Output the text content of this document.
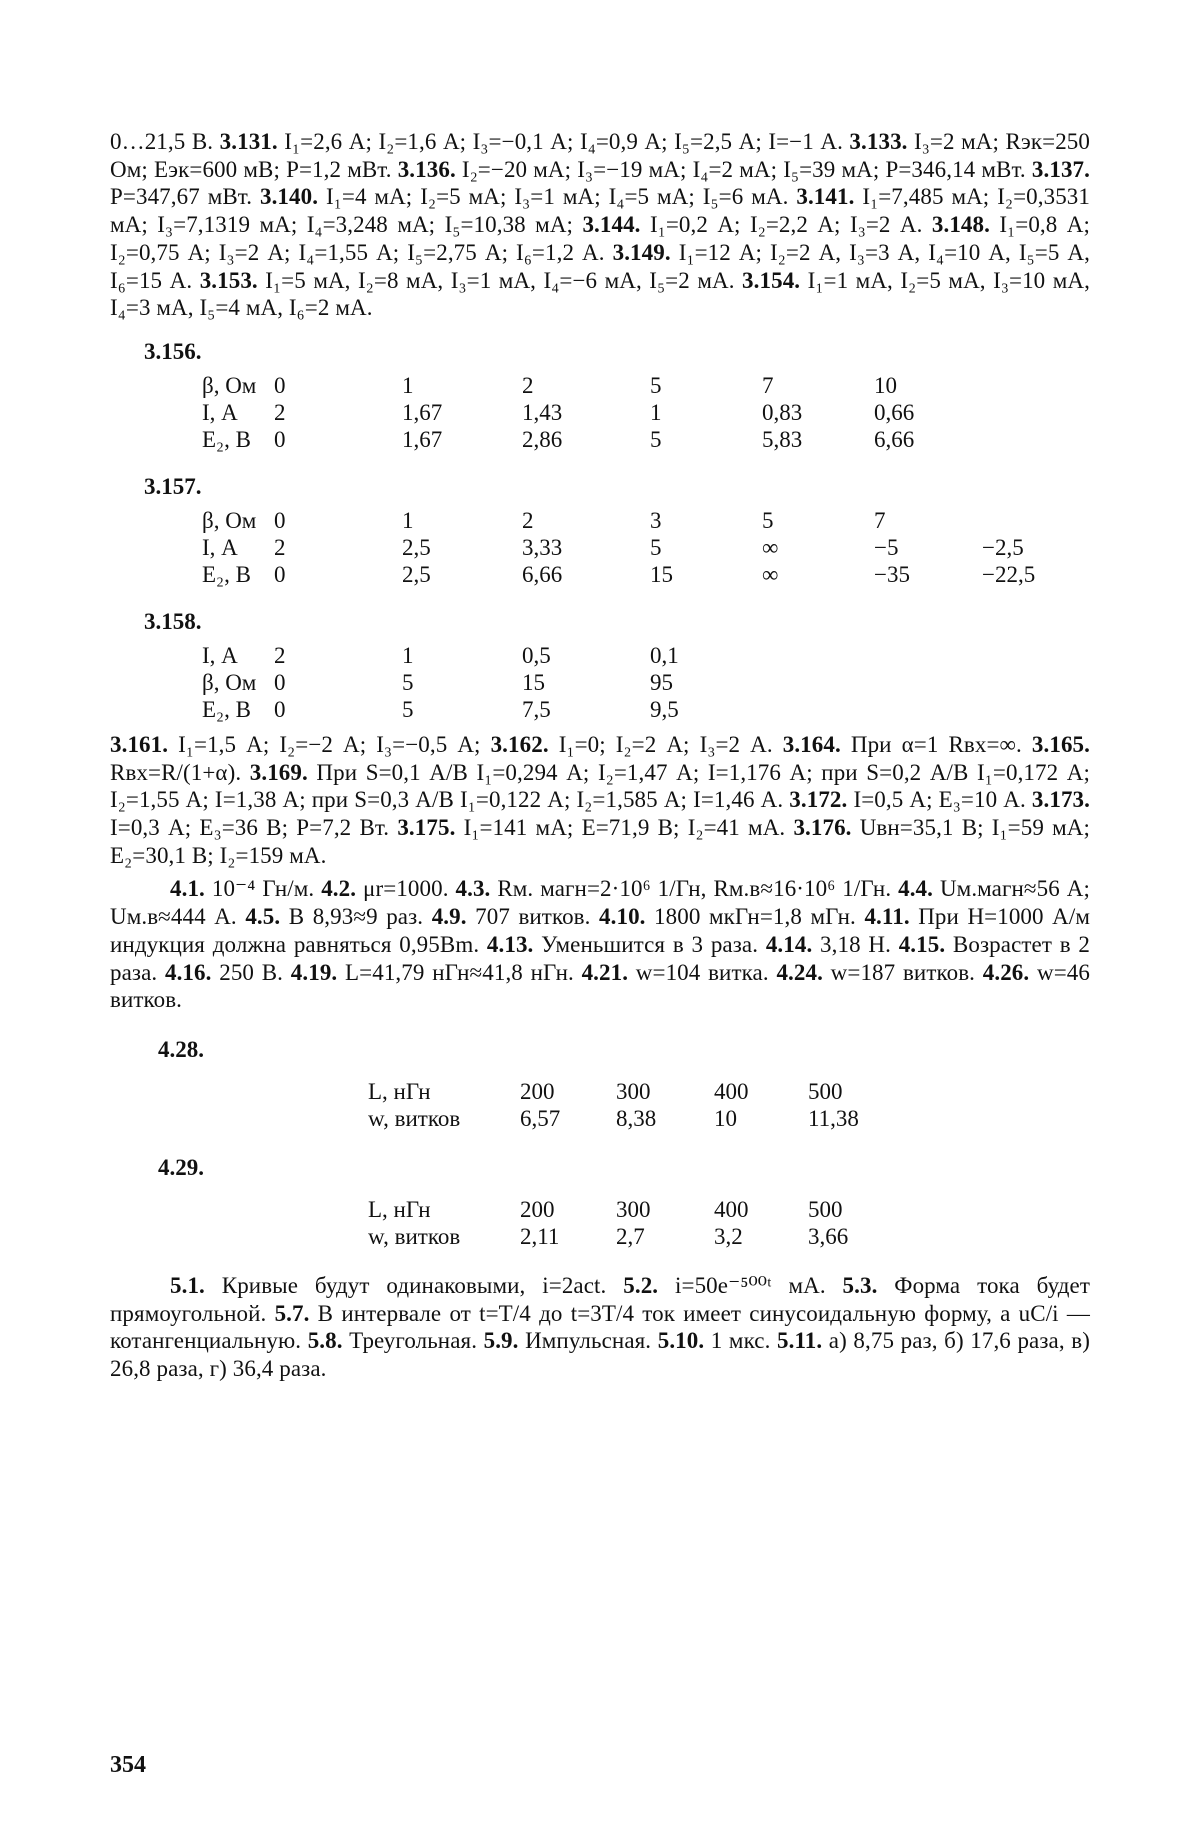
0…21,5 В. 3.131. I₁=2,6 А; I₂=1,6 А; I₃=−0,1 А; I₄=0,9 А; I₅=2,5 А; I=−1 А. 3.133. I₃=2 мА; Rэк=250 Ом; Eэк=600 мВ; P=1,2 мВт. 3.136. I₂=−20 мА; I₃=−19 мА; I₄=2 мА; I₅=39 мА; P=346,14 мВт. 3.137. P=347,67 мВт. 3.140. I₁=4 мА; I₂=5 мА; I₃=1 мА; I₄=5 мА; I₅=6 мА. 3.141. I₁=7,485 мА; I₂=0,3531 мА; I₃=7,1319 мА; I₄=3,248 мА; I₅=10,38 мА; 3.144. I₁=0,2 А; I₂=2,2 А; I₃=2 А. 3.148. I₁=0,8 А; I₂=0,75 А; I₃=2 А; I₄=1,55 А; I₅=2,75 А; I₆=1,2 А. 3.149. I₁=12 А; I₂=2 А, I₃=3 А, I₄=10 А, I₅=5 А, I₆=15 А. 3.153. I₁=5 мА, I₂=8 мА, I₃=1 мА, I₄=−6 мА, I₅=2 мА. 3.154. I₁=1 мА, I₂=5 мА, I₃=10 мА, I₄=3 мА, I₅=4 мА, I₆=2 мА.

3.156.

β, Ом	0	1	2	5	7	10
I, А	2	1,67	1,43	1	0,83	0,66
E₂, В	0	1,67	2,86	5	5,83	6,66

3.157.

β, Ом	0	1	2	3	5	7	
I, А	2	2,5	3,33	5	∞	−5	−2,5
E₂, В	0	2,5	6,66	15	∞	−35	−22,5

3.158.

I, А	2	1	0,5	0,1
β, Ом	0	5	15	95
E₂, В	0	5	7,5	9,5

3.161. I₁=1,5 А; I₂=−2 А; I₃=−0,5 А; 3.162. I₁=0; I₂=2 А; I₃=2 А. 3.164. При α=1 Rвх=∞. 3.165. Rвх=R/(1+α). 3.169. При S=0,1 А/В I₁=0,294 А; I₂=1,47 А; I=1,176 А; при S=0,2 А/В I₁=0,172 А; I₂=1,55 А; I=1,38 А; при S=0,3 А/В I₁=0,122 А; I₂=1,585 А; I=1,46 А. 3.172. I=0,5 А; E₃=10 А. 3.173. I=0,3 А; E₃=36 В; P=7,2 Вт. 3.175. I₁=141 мА; E=71,9 В; I₂=41 мА. 3.176. Uвн=35,1 В; I₁=59 мА; E₂=30,1 В; I₂=159 мА.

4.1. 10⁻⁴ Гн/м. 4.2. μr=1000. 4.3. Rм. магн=2·10⁶ 1/Гн, Rм.в≈16·10⁶ 1/Гн. 4.4. Uм.магн≈56 А; Uм.в≈444 А. 4.5. В 8,93≈9 раз. 4.9. 707 витков. 4.10. 1800 мкГн=1,8 мГн. 4.11. При H=1000 А/м индукция должна равняться 0,95Bm. 4.13. Уменьшится в 3 раза. 4.14. 3,18 Н. 4.15. Возрастет в 2 раза. 4.16. 250 В. 4.19. L=41,79 нГн≈41,8 нГн. 4.21. w=104 витка. 4.24. w=187 витков. 4.26. w=46 витков.

4.28.

L, нГн	200	300	400	500
w, витков	6,57	8,38	10	11,38

4.29.

L, нГн	200	300	400	500
w, витков	2,11	2,7	3,2	3,66

5.1. Кривые будут одинаковыми, i=2act. 5.2. i=50e⁻⁵⁰⁰ᵗ мА. 5.3. Форма тока будет прямоугольной. 5.7. В интервале от t=T/4 до t=3T/4 ток имеет синусоидальную форму, а uC/i — котангенциальную. 5.8. Треугольная. 5.9. Импульсная. 5.10. 1 мкс. 5.11. а) 8,75 раз, б) 17,6 раза, в) 26,8 раза, г) 36,4 раза.

354
